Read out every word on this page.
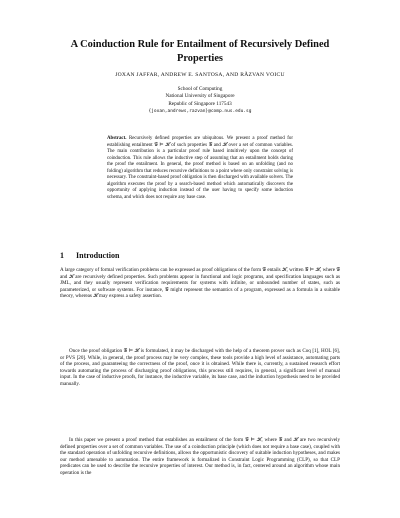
A Coinduction Rule for Entailment of Recursively Defined Properties
JOXAN JAFFAR, ANDREW E. SANTOSA, AND RĂZVAN VOICU
School of Computing
National University of Singapore
Republic of Singapore 117543
{joxan,andrews,razvan}@comp.nus.edu.sg
Abstract. Recursively defined properties are ubiquitous. We present a proof method for establishing entailment 𝒢 ⊨ ℋ of such properties 𝒢 and ℋ over a set of common variables. The main contribution is a particular proof rule based intuitively upon the concept of coinduction. This rule allows the inductive step of assuming that an entailment holds during the proof the entailment. In general, the proof method is based on an unfolding (and no folding) algorithm that reduces recursive definitions to a point where only constraint solving is necessary. The constraint-based proof obligation is then discharged with available solvers. The algorithm executes the proof by a search-based method which automatically discovers the opportunity of applying induction instead of the user having to specify some induction schema, and which does not require any base case.
1 Introduction
A large category of formal verification problems can be expressed as proof obligations of the form 𝒢 entails ℋ, written 𝒢 ⊨ ℋ, where 𝒢 and ℋ are recursively defined properties. Such problems appear in functional and logic programs, and specification languages such as JML, and they usually represent verification requirements for systems with infinite, or unbounded number of states, such as parameterized, or software systems. For instance, 𝒢 might represent the semantics of a program, expressed as a formula in a suitable theory, whereas ℋ may express a safety assertion.
Once the proof obligation 𝒢 ⊨ ℋ is formulated, it may be discharged with the help of a theorem prover such as Coq [1], HOL [6], or PVS [20]. While, in general, the proof process may be very complex, these tools provide a high level of assistance, automating parts of the process, and guaranteeing the correctness of the proof, once it is obtained. While there is, currently, a sustained research effort towards automating the process of discharging proof obligations, this process still requires, in general, a significant level of manual input. In the case of inductive proofs, for instance, the inductive variable, its base case, and the induction hypothesis need to be provided manually.
In this paper we present a proof method that establishes an entailment of the form 𝒢 ⊨ ℋ, where 𝒢 and ℋ are two recursively defined properties over a set of common variables. The use of a coinduction principle (which does not require a base case), coupled with the standard operation of unfolding recursive definitions, allows the opportunistic discovery of suitable induction hypotheses, and makes our method amenable to automation. The entire framework is formalized in Constraint Logic Programming (CLP), so that CLP predicates can be used to describe the recursive properties of interest. Our method is, in fact, centered around an algorithm whose main operation is the
